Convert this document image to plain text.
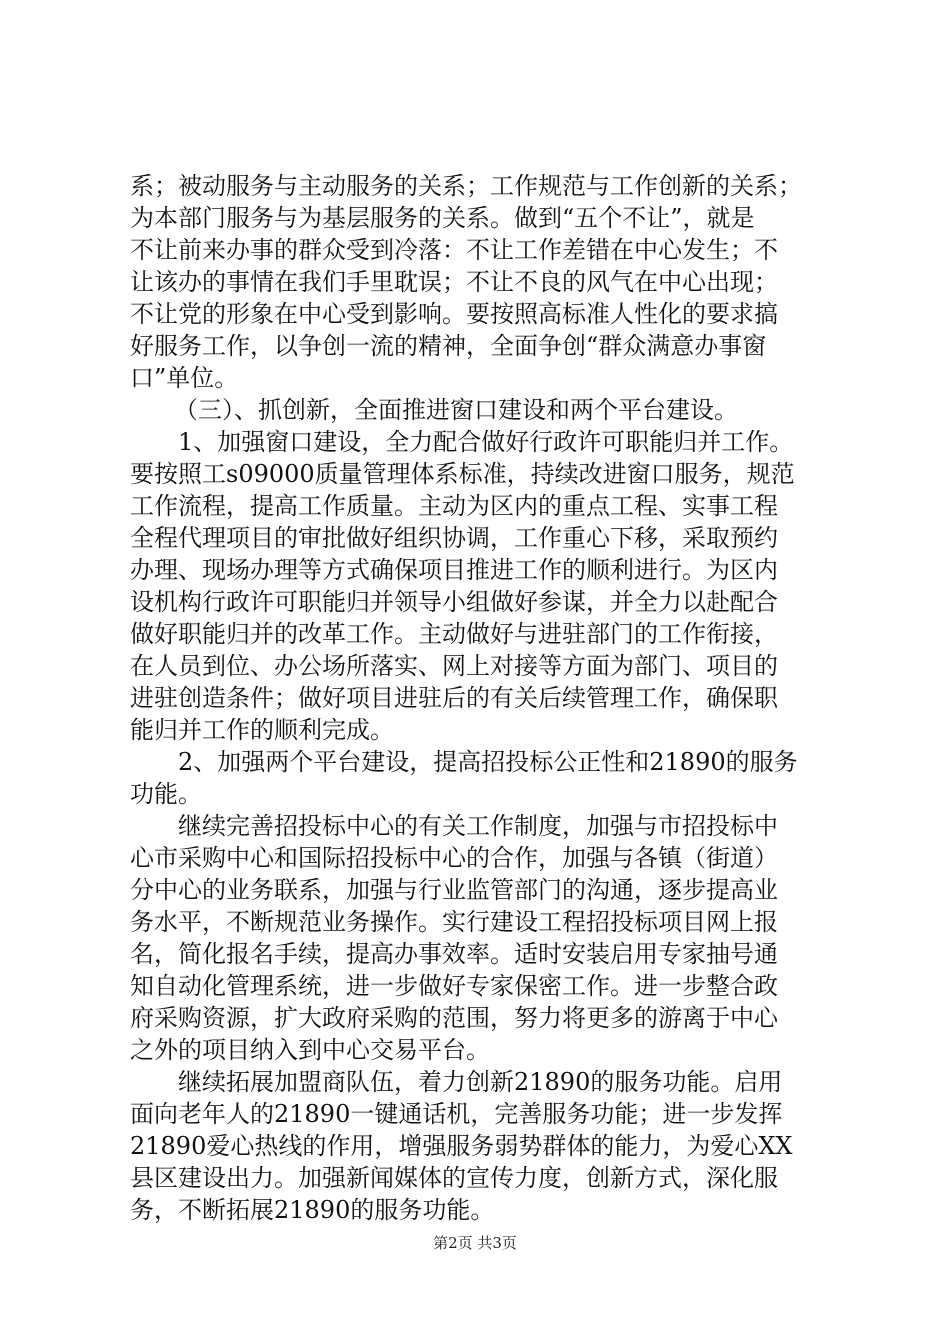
系；被动服务与主动服务的关系；工作规范与工作创新的关系；
为本部门服务与为基层服务的关系。做到“五个不让”，就是
不让前来办事的群众受到冷落：不让工作差错在中心发生；不
让该办的事情在我们手里耽误；不让不良的风气在中心出现；
不让党的形象在中心受到影响。要按照高标准人性化的要求搞
好服务工作，以争创一流的精神，全面争创“群众满意办事窗
口”单位。
（三）、抓创新，全面推进窗口建设和两个平台建设。
1、加强窗口建设，全力配合做好行政许可职能归并工作。
要按照工s09000质量管理体系标准，持续改进窗口服务，规范
工作流程，提高工作质量。主动为区内的重点工程、实事工程
全程代理项目的审批做好组织协调，工作重心下移，采取预约
办理、现场办理等方式确保项目推进工作的顺利进行。为区内
设机构行政许可职能归并领导小组做好参谋，并全力以赴配合
做好职能归并的改革工作。主动做好与进驻部门的工作衔接，
在人员到位、办公场所落实、网上对接等方面为部门、项目的
进驻创造条件；做好项目进驻后的有关后续管理工作，确保职
能归并工作的顺利完成。
2、加强两个平台建设，提高招投标公正性和21890的服务
功能。
继续完善招投标中心的有关工作制度，加强与市招投标中
心市采购中心和国际招投标中心的合作，加强与各镇（街道）
分中心的业务联系，加强与行业监管部门的沟通，逐步提高业
务水平，不断规范业务操作。实行建设工程招投标项目网上报
名，简化报名手续，提高办事效率。适时安装启用专家抽号通
知自动化管理系统，进一步做好专家保密工作。进一步整合政
府采购资源，扩大政府采购的范围，努力将更多的游离于中心
之外的项目纳入到中心交易平台。
继续拓展加盟商队伍，着力创新21890的服务功能。启用
面向老年人的21890一键通话机，完善服务功能；进一步发挥
21890爱心热线的作用，增强服务弱势群体的能力，为爱心XX
县区建设出力。加强新闻媒体的宣传力度，创新方式，深化服
务，不断拓展21890的服务功能。
第2页 共3页
